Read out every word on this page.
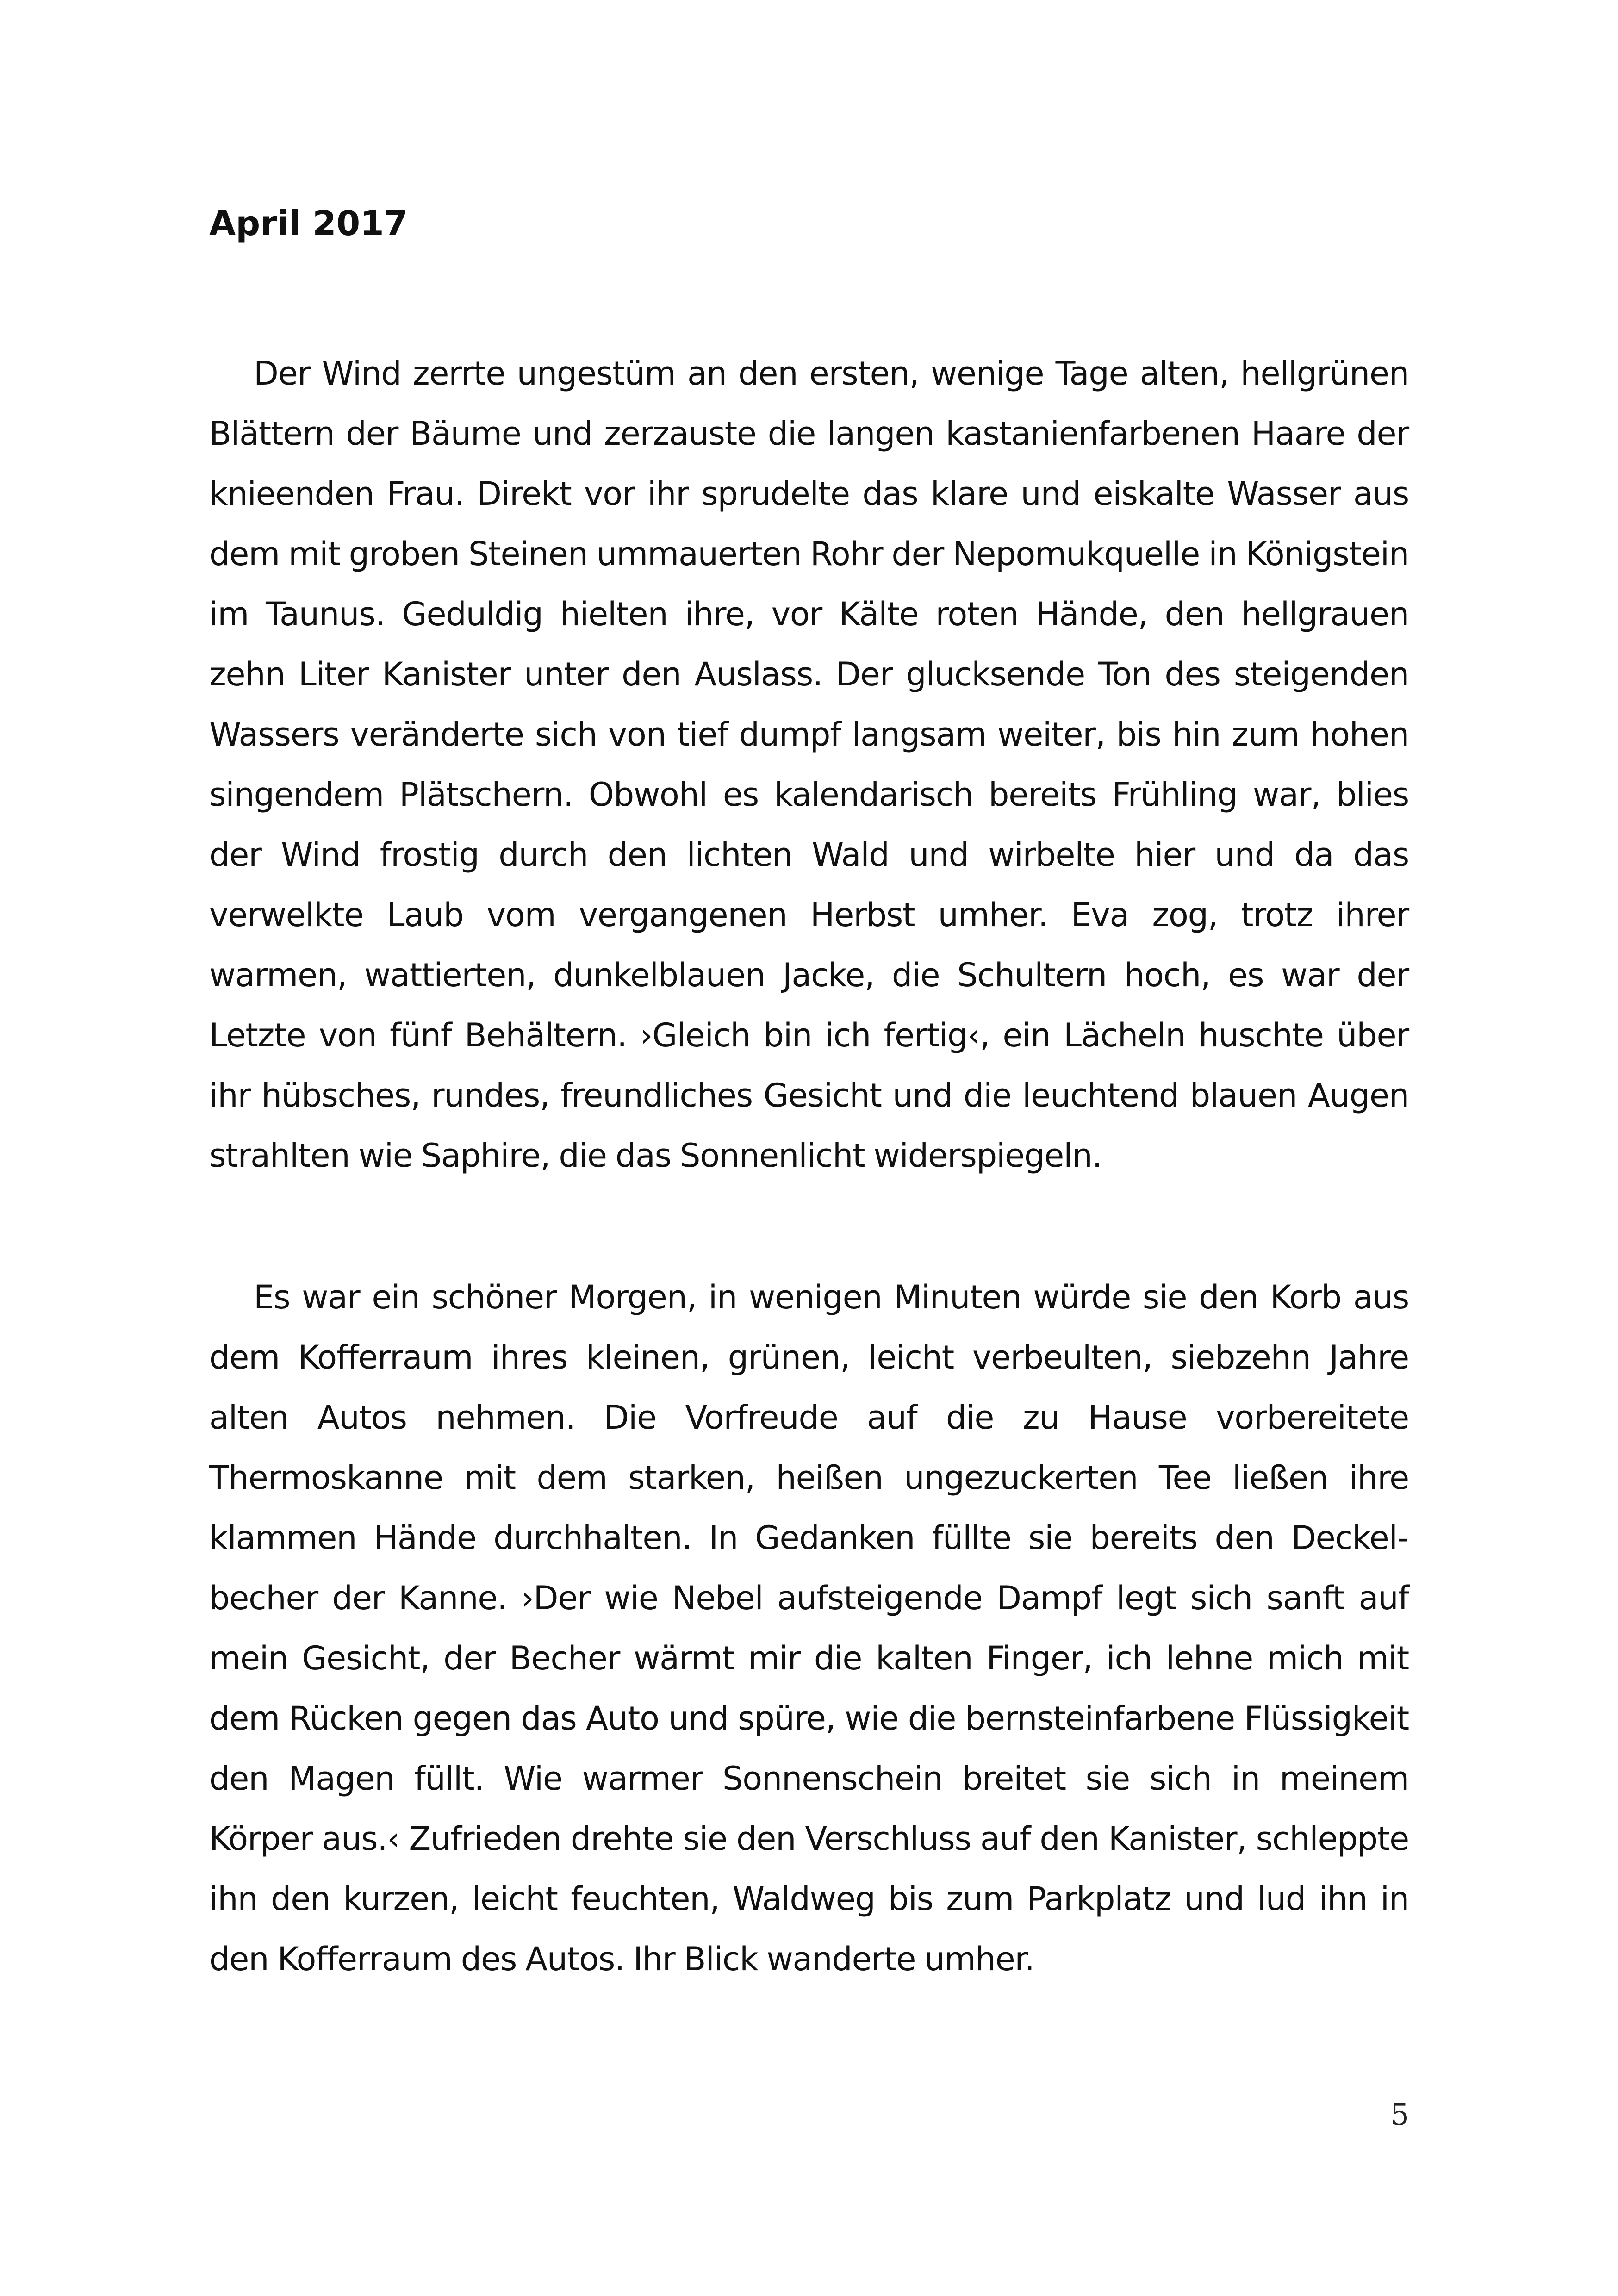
April 2017

Der Wind zerrte ungestüm an den ersten, wenige Tage alten, hellgrünen Blättern der Bäume und zerzauste die langen kastanienfarbenen Haare der knieenden Frau. Direkt vor ihr sprudelte das klare und eiskalte Wasser aus dem mit groben Steinen ummauerten Rohr der Nepomukquelle in Königstein im Taunus. Geduldig hielten ihre, vor Kälte roten Hände, den hellgrauen zehn Liter Kanister unter den Auslass. Der glucksende Ton des steigenden Wassers veränderte sich von tief dumpf langsam weiter, bis hin zum hohen singendem Plätschern. Obwohl es kalendarisch bereits Frühling war, blies der Wind frostig durch den lichten Wald und wirbelte hier und da das verwelkte Laub vom vergangenen Herbst umher. Eva zog, trotz ihrer warmen, wattierten, dunkelblauen Jacke, die Schultern hoch, es war der Letzte von fünf Behältern. ›Gleich bin ich fertig‹, ein Lächeln huschte über ihr hübsches, rundes, freundliches Gesicht und die leuchtend blauen Augen strahlten wie Saphire, die das Sonnenlicht widerspiegeln.

Es war ein schöner Morgen, in wenigen Minuten würde sie den Korb aus dem Kofferraum ihres kleinen, grünen, leicht verbeulten, siebzehn Jahre alten Autos nehmen. Die Vorfreude auf die zu Hause vorbereitete Thermoskanne mit dem starken, heißen ungezuckerten Tee ließen ihre klammen Hände durchhalten. In Gedanken füllte sie bereits den Deckelbecher der Kanne. ›Der wie Nebel aufsteigende Dampf legt sich sanft auf mein Gesicht, der Becher wärmt mir die kalten Finger, ich lehne mich mit dem Rücken gegen das Auto und spüre, wie die bernsteinfarbene Flüssigkeit den Magen füllt. Wie warmer Sonnenschein breitet sie sich in meinem Körper aus.‹ Zufrieden drehte sie den Verschluss auf den Kanister, schleppte ihn den kurzen, leicht feuchten, Waldweg bis zum Parkplatz und lud ihn in den Kofferraum des Autos. Ihr Blick wanderte umher.

5
